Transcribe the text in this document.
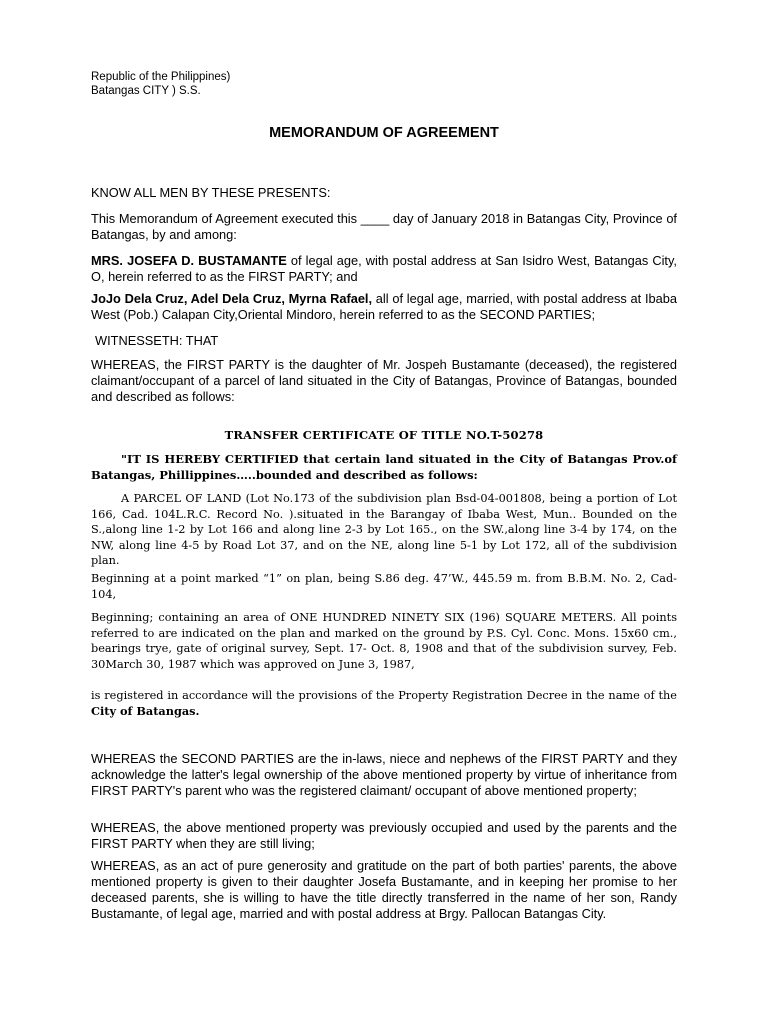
Republic of the Philippines)
Batangas CITY ) S.S.
MEMORANDUM OF AGREEMENT
KNOW ALL MEN BY THESE PRESENTS:
This Memorandum of Agreement executed this ____ day of January 2018 in Batangas City, Province of Batangas, by and among:
MRS. JOSEFA D. BUSTAMANTE of legal age, with postal address at San Isidro West, Batangas City, O, herein referred to as the FIRST PARTY; and
JoJo Dela Cruz, Adel Dela Cruz, Myrna Rafael, all of legal age, married, with postal address at Ibaba West (Pob.) Calapan City,Oriental Mindoro, herein referred to as the SECOND PARTIES;
WITNESSETH: THAT
WHEREAS, the FIRST PARTY is the daughter of Mr. Jospeh Bustamante (deceased), the registered claimant/occupant of a parcel of land situated in the City of Batangas, Province of Batangas, bounded and described as follows:
TRANSFER CERTIFICATE OF TITLE NO.T-50278
"IT IS HEREBY CERTIFIED that certain land situated in the City of Batangas Prov.of Batangas, Phillippines…..bounded and described as follows:
A PARCEL OF LAND (Lot No.173 of the subdivision plan Bsd-04-001808, being a portion of Lot 166, Cad. 104L.R.C. Record No. ).situated in the Barangay of Ibaba West, Mun.. Bounded on the S.,along line 1-2 by Lot 166 and along line 2-3 by Lot 165., on the SW.,along line 3-4 by 174, on the NW, along line 4-5 by Road Lot 37, and on the NE, along line 5-1 by Lot 172, all of the subdivision plan.
Beginning at a point marked “1” on plan, being S.86 deg. 47’W., 445.59 m. from B.B.M. No. 2, Cad-104,
Beginning; containing an area of ONE HUNDRED NINETY SIX (196) SQUARE METERS. All points referred to are indicated on the plan and marked on the ground by P.S. Cyl. Conc. Mons. 15x60 cm., bearings trye, gate of original survey, Sept. 17- Oct. 8, 1908 and that of the subdivision survey, Feb. 30March 30, 1987 which was approved on June 3, 1987,
is registered in accordance will the provisions of the Property Registration Decree in the name of the City of Batangas.
WHEREAS the SECOND PARTIES are the in-laws, niece and nephews of the FIRST PARTY and they acknowledge the latter's legal ownership of the above mentioned property by virtue of inheritance from FIRST PARTY's parent who was the registered claimant/ occupant of above mentioned property;
WHEREAS, the above mentioned property was previously occupied and used by the parents and the FIRST PARTY when they are still living;
WHEREAS, as an act of pure generosity and gratitude on the part of both parties' parents, the above mentioned property is given to their daughter Josefa Bustamante, and in keeping her promise to her deceased parents, she is willing to have the title directly transferred in the name of her son, Randy Bustamante, of legal age, married and with postal address at Brgy. Pallocan Batangas City.
